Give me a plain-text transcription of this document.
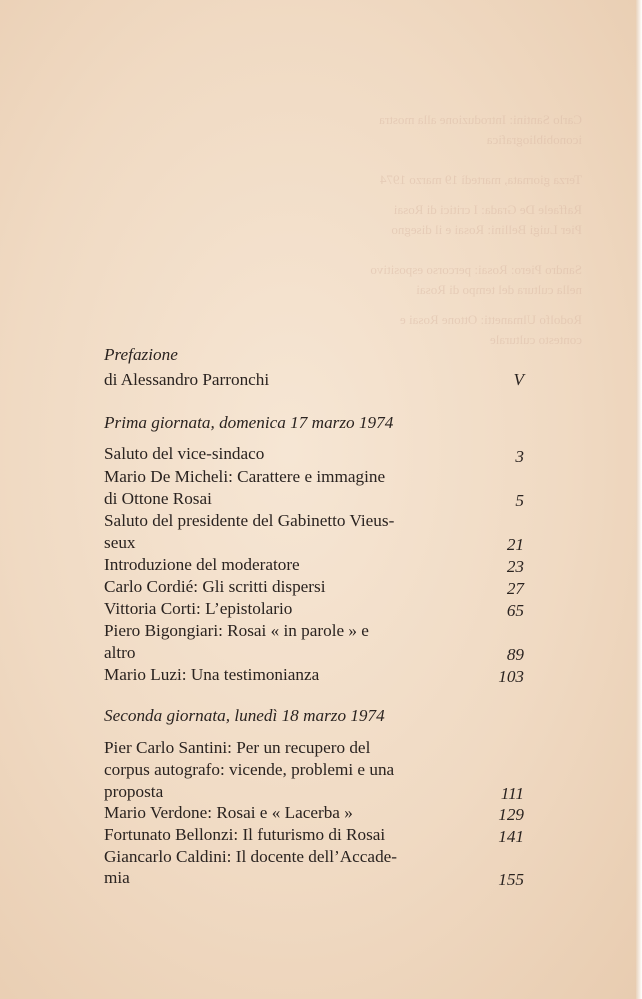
Carlo Santini: Introduzione alla mostra
iconobibliografica
Terza giornata, martedì 19 marzo 1974
Raffaele De Grada: I critici di Rosai
Pier Luigi Bellini: Rosai e il disegno
Sandro Piero: Rosai: percorso espositivo
nella cultura del tempo di Rosai
Rodolfo Ulmanetti: Ottone Rosai e
contesto culturale
Prefazione
di Alessandro Parronchi	V
Prima giornata, domenica 17 marzo 1974
Saluto del vice-sindaco	3
Mario De Micheli: Carattere e immagine
di Ottone Rosai	5
Saluto del presidente del Gabinetto Vieus-
seux	21
Introduzione del moderatore	23
Carlo Cordié: Gli scritti dispersi	27
Vittoria Corti: L’epistolario	65
Piero Bigongiari: Rosai « in parole » e
altro	89
Mario Luzi: Una testimonianza	103
Seconda giornata, lunedì 18 marzo 1974
Pier Carlo Santini: Per un recupero del
corpus autografo: vicende, problemi e una
proposta	111
Mario Verdone: Rosai e « Lacerba »	129
Fortunato Bellonzi: Il futurismo di Rosai	141
Giancarlo Caldini: Il docente dell’Accade-
mia	155
